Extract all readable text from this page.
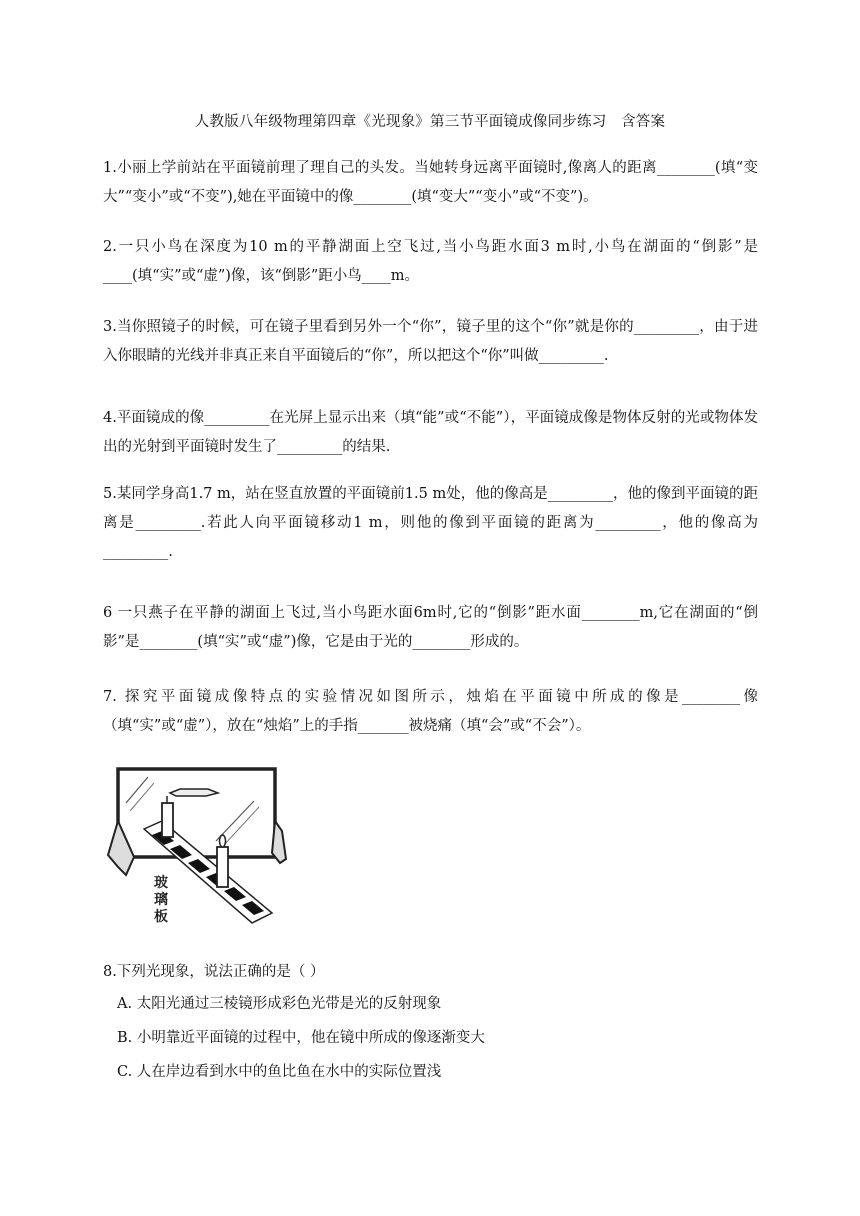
人教版八年级物理第四章《光现象》第三节平面镜成像同步练习　含答案
1.小丽上学前站在平面镜前理了理自己的头发。当她转身远离平面镜时,像离人的距离________(填“变大”“变小”或“不变”),她在平面镜中的像________(填“变大”“变小”或“不变”)。
2.一只小鸟在深度为10 m的平静湖面上空飞过,当小鸟距水面3 m时,小鸟在湖面的“倒影”是____(填“实”或“虚”)像，该“倒影”距小鸟____m。
3.当你照镜子的时候，可在镜子里看到另外一个“你”，镜子里的这个“你”就是你的_________，由于进入你眼睛的光线并非真正来自平面镜后的“你”，所以把这个“你”叫做_________.
4.平面镜成的像_________在光屏上显示出来（填“能”或“不能”），平面镜成像是物体反射的光或物体发出的光射到平面镜时发生了_________的结果.
5.某同学身高1.7 m，站在竖直放置的平面镜前1.5 m处，他的像高是_________，他的像到平面镜的距离是_________.若此人向平面镜移动1 m，则他的像到平面镜的距离为_________，他的像高为_________.
6 一只燕子在平静的湖面上飞过,当小鸟距水面6m时,它的“倒影”距水面________m,它在湖面的“倒影”是________(填“实”或“虚”)像，它是由于光的________形成的。
7. 探究平面镜成像特点的实验情况如图所示，烛焰在平面镜中所成的像是________像（填“实”或“虚”），放在“烛焰”上的手指_______被烧痛（填“会”或“不会”）。
玻 璃 板
8.下列光现象，说法正确的是（ ）
A. 太阳光通过三棱镜形成彩色光带是光的反射现象
B. 小明靠近平面镜的过程中，他在镜中所成的像逐渐变大
C. 人在岸边看到水中的鱼比鱼在水中的实际位置浅
